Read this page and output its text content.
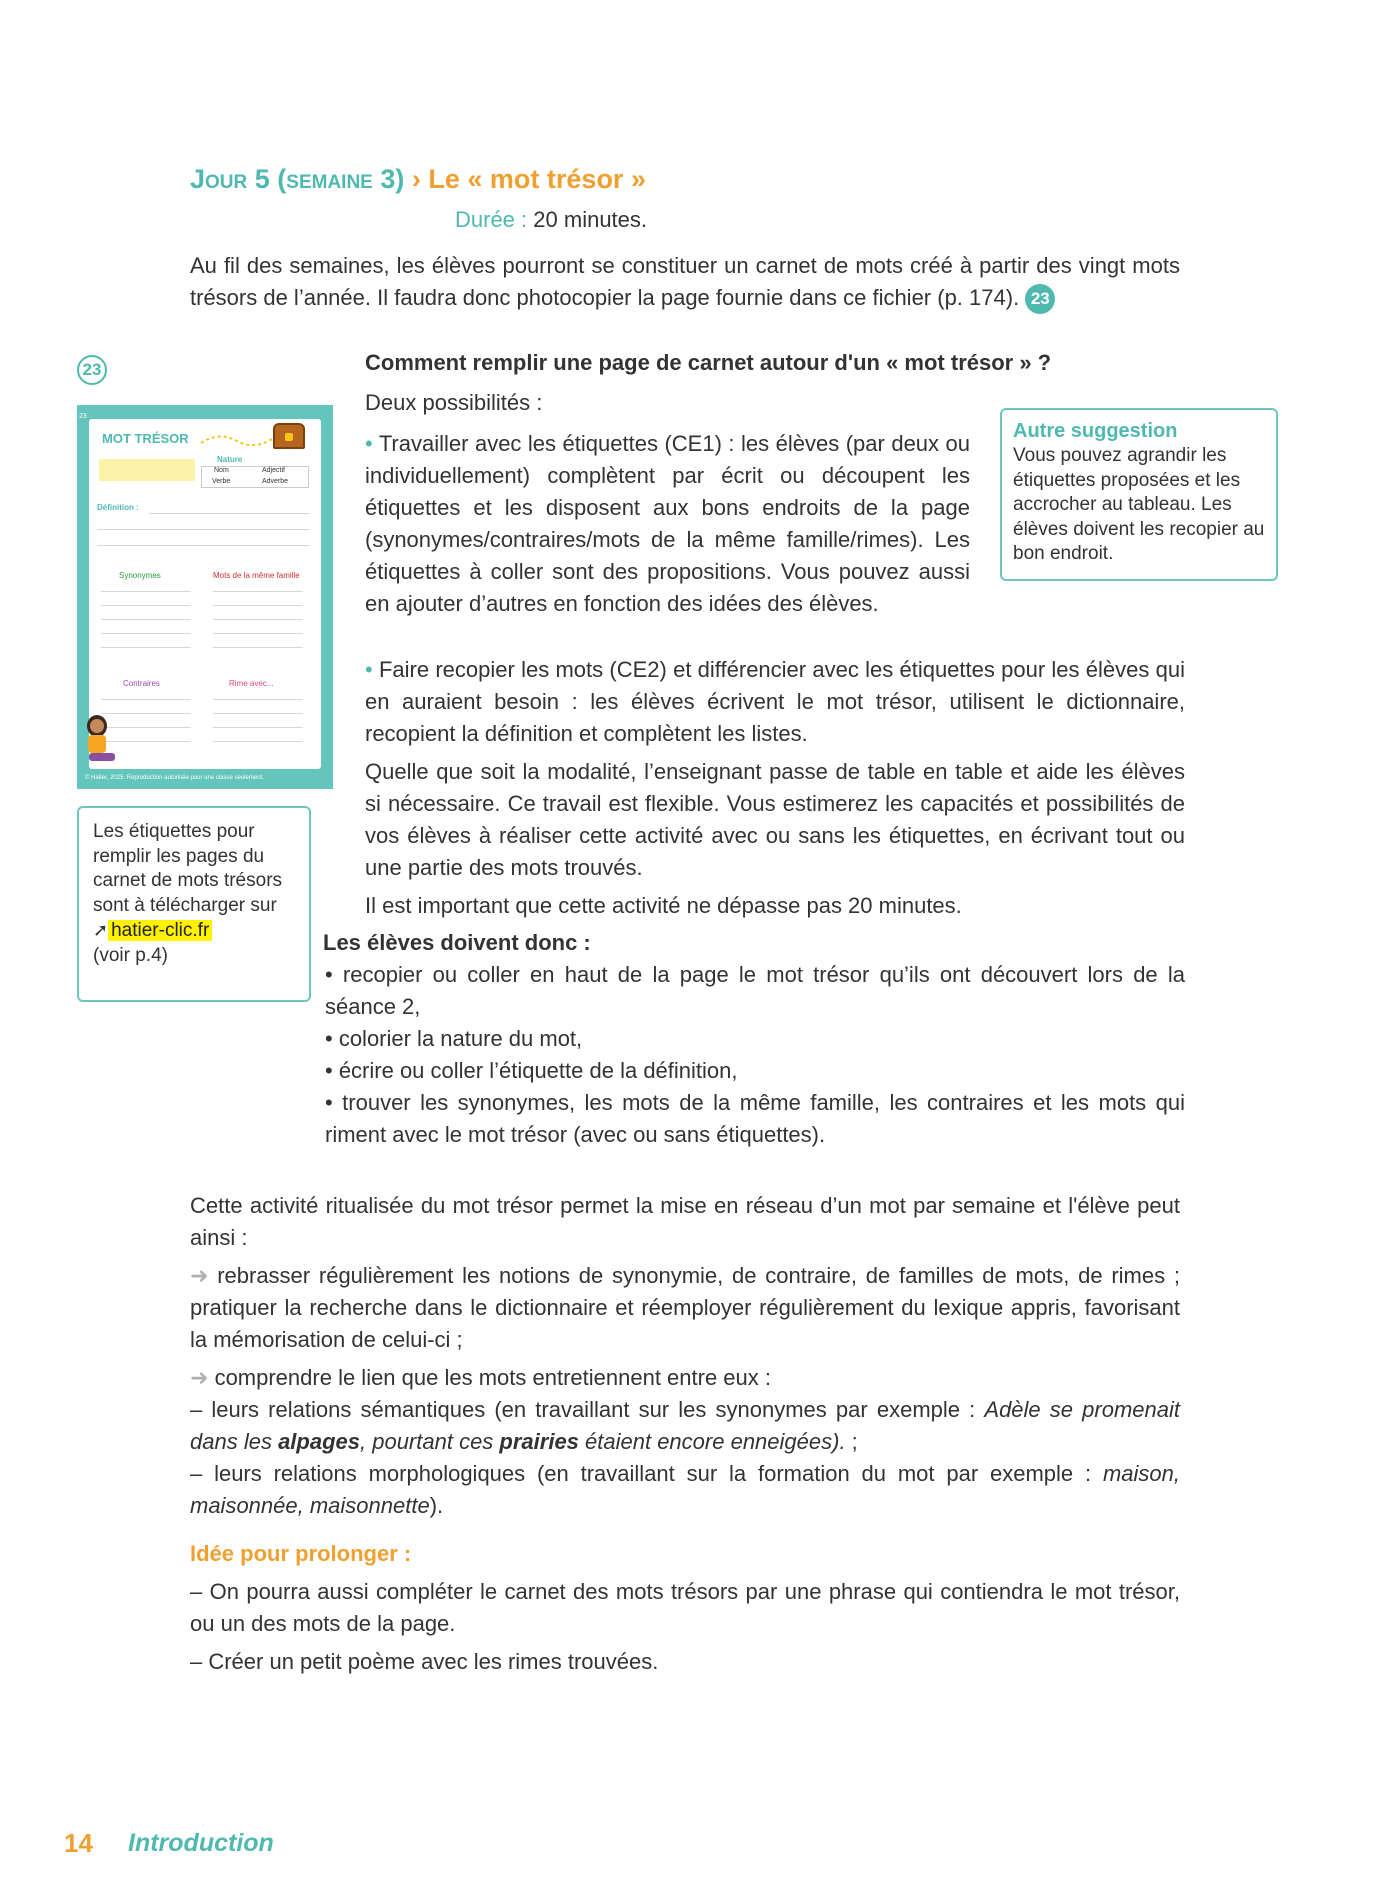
Jour 5 (semaine 3) › Le « mot trésor »
Durée : 20 minutes.

Au fil des semaines, les élèves pourront se constituer un carnet de mots créé à partir des vingt mots trésors de l’année. Il faudra donc photocopier la page fournie dans ce fichier (p. 174). 23

23
23
MOT TRÉSOR
Nature
Nom	Adjectif
Verbe	Adverbe
Définition :
Synonymes	Mots de la même famille
Contraires	Rime avec...
© Hatier, 2025. Reproduction autorisée pour une classe seulement.
Les étiquettes pour remplir les pages du carnet de mots trésors sont à télécharger sur ➚ hatier-clic.fr
(voir p.4)
Comment remplir une page de carnet autour d'un « mot trésor » ?
Deux possibilités :

• Travailler avec les étiquettes (CE1) : les élèves (par deux ou individuellement) complètent par écrit ou découpent les étiquettes et les disposent aux bons endroits de la page (synonymes/contraires/mots de la même famille/rimes). Les étiquettes à coller sont des propositions. Vous pouvez aussi en ajouter d’autres en fonction des idées des élèves.

Autre suggestion
Vous pouvez agrandir les étiquettes proposées et les accrocher au tableau. Les élèves doivent les recopier au bon endroit.

• Faire recopier les mots (CE2) et différencier avec les étiquettes pour les élèves qui en auraient besoin : les élèves écrivent le mot trésor, utilisent le dictionnaire, recopient la définition et complètent les listes.

Quelle que soit la modalité, l’enseignant passe de table en table et aide les élèves si nécessaire. Ce travail est flexible. Vous estimerez les capacités et possibilités de vos élèves à réaliser cette activité avec ou sans les étiquettes, en écrivant tout ou une partie des mots trouvés.

Il est important que cette activité ne dépasse pas 20 minutes.
Les élèves doivent donc :

• recopier ou coller en haut de la page le mot trésor qu’ils ont découvert lors de la séance 2,

• colorier la nature du mot,

• écrire ou coller l’étiquette de la définition,

• trouver les synonymes, les mots de la même famille, les contraires et les mots qui riment avec le mot trésor (avec ou sans étiquettes).

Cette activité ritualisée du mot trésor permet la mise en réseau d’un mot par semaine et l'élève peut ainsi :

➜ rebrasser régulièrement les notions de synonymie, de contraire, de familles de mots, de rimes ; pratiquer la recherche dans le dictionnaire et réemployer régulièrement du lexique appris, favorisant la mémorisation de celui-ci ;

➜ comprendre le lien que les mots entretiennent entre eux :

– leurs relations sémantiques (en travaillant sur les synonymes par exemple : Adèle se promenait dans les alpages, pourtant ces prairies étaient encore enneigées). ;

– leurs relations morphologiques (en travaillant sur la formation du mot par exemple : maison, maisonnée, maisonnette).

Idée pour prolonger :

– On pourra aussi compléter le carnet des mots trésors par une phrase qui contiendra le mot trésor, ou un des mots de la page.

– Créer un petit poème avec les rimes trouvées.

14 Introduction
